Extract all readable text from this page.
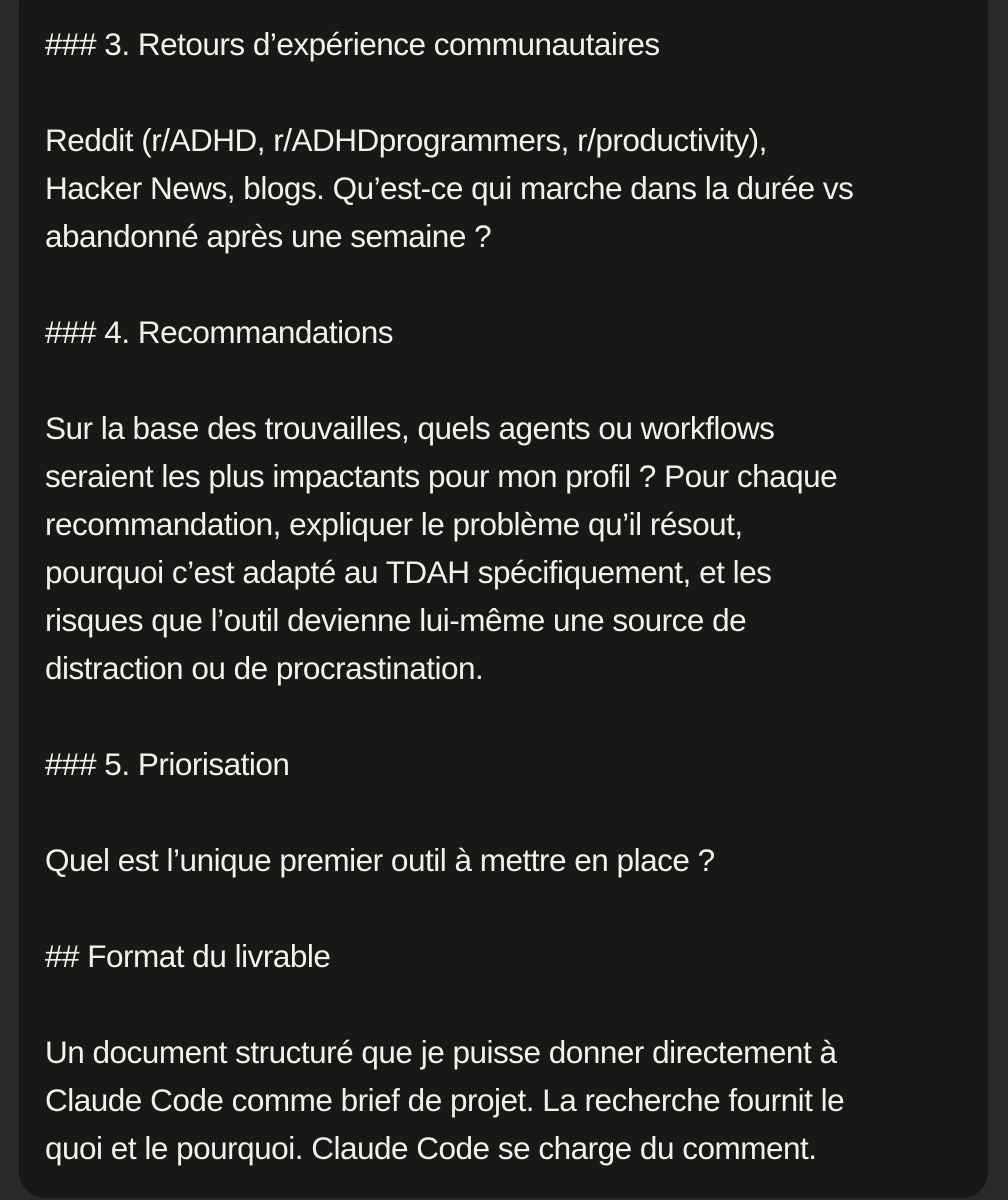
### 3. Retours d’expérience communautaires
Reddit (r/ADHD, r/ADHDprogrammers, r/productivity),
Hacker News, blogs. Qu’est-ce qui marche dans la durée vs
abandonné après une semaine ?
### 4. Recommandations
Sur la base des trouvailles, quels agents ou workflows
seraient les plus impactants pour mon profil ? Pour chaque
recommandation, expliquer le problème qu’il résout,
pourquoi c’est adapté au TDAH spécifiquement, et les
risques que l’outil devienne lui-même une source de
distraction ou de procrastination.
### 5. Priorisation
Quel est l’unique premier outil à mettre en place ?
## Format du livrable
Un document structuré que je puisse donner directement à
Claude Code comme brief de projet. La recherche fournit le
quoi et le pourquoi. Claude Code se charge du comment.
